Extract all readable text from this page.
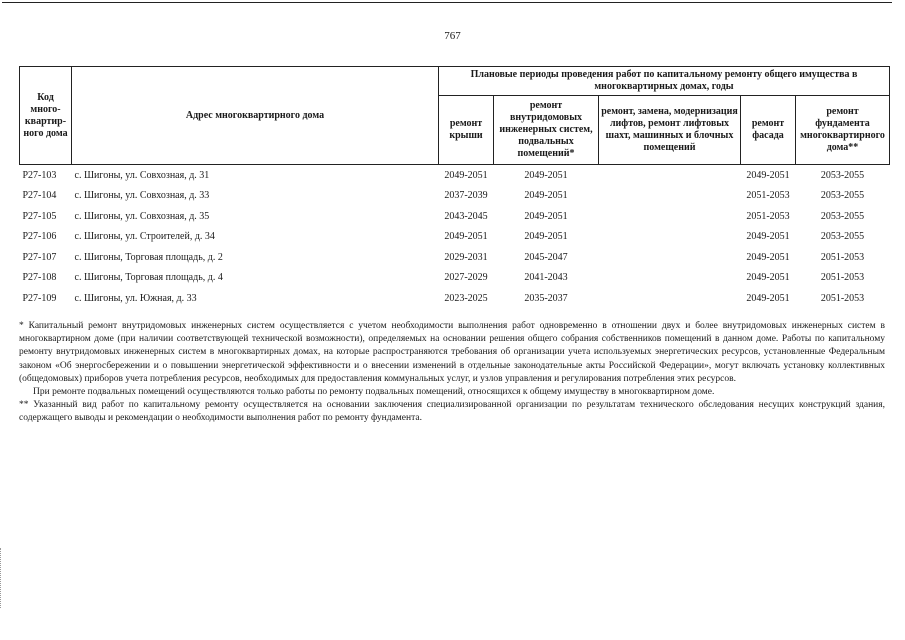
767
Код много-квартир-ного дома	Адрес многоквартирного дома	Плановые периоды проведения работ по капитальному ремонту общего имущества в многоквартирных домах, годы				
		ремонт крыши	ремонт внутридомовых инженерных систем, подвальных помещений*	ремонт, замена, модернизация лифтов, ремонт лифтовых шахт, машинных и блочных помещений	ремонт фасада	ремонт фундамента многоквартирного дома**
Р27-103	с. Шигоны, ул. Совхозная, д. 31	2049-2051	2049-2051		2049-2051	2053-2055
Р27-104	с. Шигоны, ул. Совхозная, д. 33	2037-2039	2049-2051		2051-2053	2053-2055
Р27-105	с. Шигоны, ул. Совхозная, д. 35	2043-2045	2049-2051		2051-2053	2053-2055
Р27-106	с. Шигоны, ул. Строителей, д. 34	2049-2051	2049-2051		2049-2051	2053-2055
Р27-107	с. Шигоны, Торговая площадь, д. 2	2029-2031	2045-2047		2049-2051	2051-2053
Р27-108	с. Шигоны, Торговая площадь, д. 4	2027-2029	2041-2043		2049-2051	2051-2053
Р27-109	с. Шигоны, ул. Южная, д. 33	2023-2025	2035-2037		2049-2051	2051-2053

* Капитальный ремонт внутридомовых инженерных систем осуществляется с учетом необходимости выполнения работ одновременно в отношении двух и более внутридомовых инженерных систем в многоквартирном доме (при наличии соответствующей технической возможности), определяемых на основании решения общего собрания собственников помещений в данном доме. Работы по капитальному ремонту внутридомовых инженерных систем в многоквартирных домах, на которые распространяются требования об организации учета используемых энергетических ресурсов, установленные Федеральным законом «Об энергосбережении и о повышении энергетической эффективности и о внесении изменений в отдельные законодательные акты Российской Федерации», могут включать установку коллективных (общедомовых) приборов учета потребления ресурсов, необходимых для предоставления коммунальных услуг, и узлов управления и регулирования потребления этих ресурсов.

При ремонте подвальных помещений осуществляются только работы по ремонту подвальных помещений, относящихся к общему имуществу в многоквартирном доме.

** Указанный вид работ по капитальному ремонту осуществляется на основании заключения специализированной организации по результатам технического обследования несущих конструкций здания, содержащего выводы и рекомендации о необходимости выполнения работ по ремонту фундамента.
